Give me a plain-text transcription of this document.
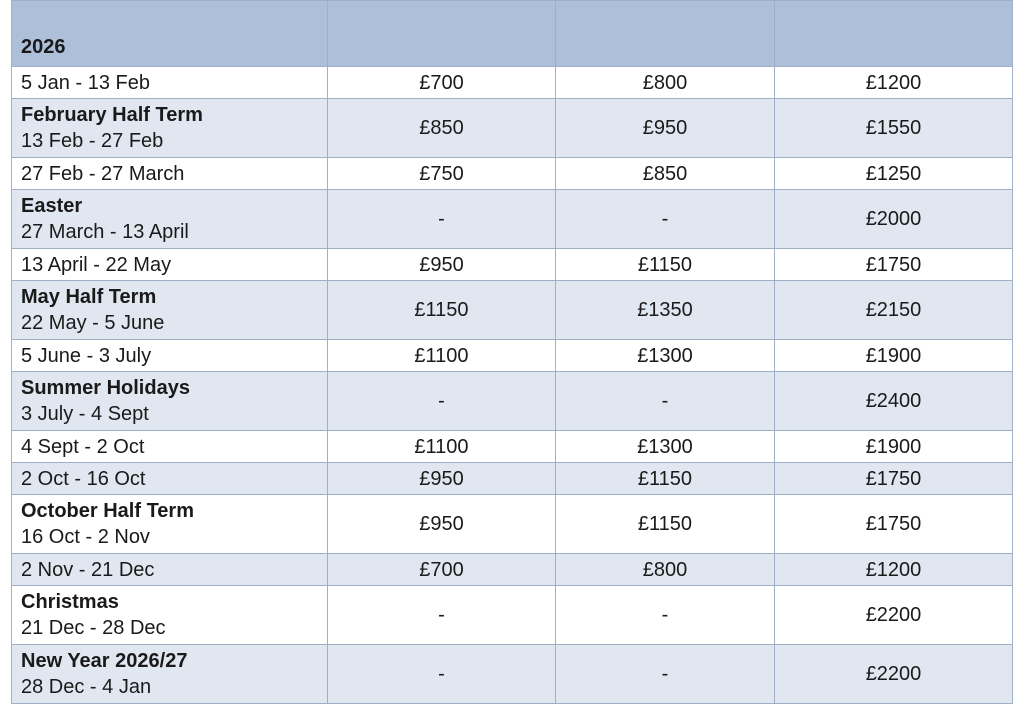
2026			

5 Jan - 13 Feb	£700	£800	£1200

February Half Term
13 Feb - 27 Feb	£850	£950	£1550

27 Feb - 27 March	£750	£850	£1250

Easter
27 March - 13 April	-	-	£2000

13 April - 22 May	£950	£1150	£1750

May Half Term
22 May - 5 June	£1150	£1350	£2150

5 June - 3 July	£1100	£1300	£1900

Summer Holidays
3 July - 4 Sept	-	-	£2400

4 Sept - 2 Oct	£1100	£1300	£1900

2 Oct - 16 Oct	£950	£1150	£1750

October Half Term
16 Oct - 2 Nov	£950	£1150	£1750

2 Nov - 21 Dec	£700	£800	£1200

Christmas
21 Dec - 28 Dec	-	-	£2200

New Year 2026/27
28 Dec - 4 Jan	-	-	£2200
